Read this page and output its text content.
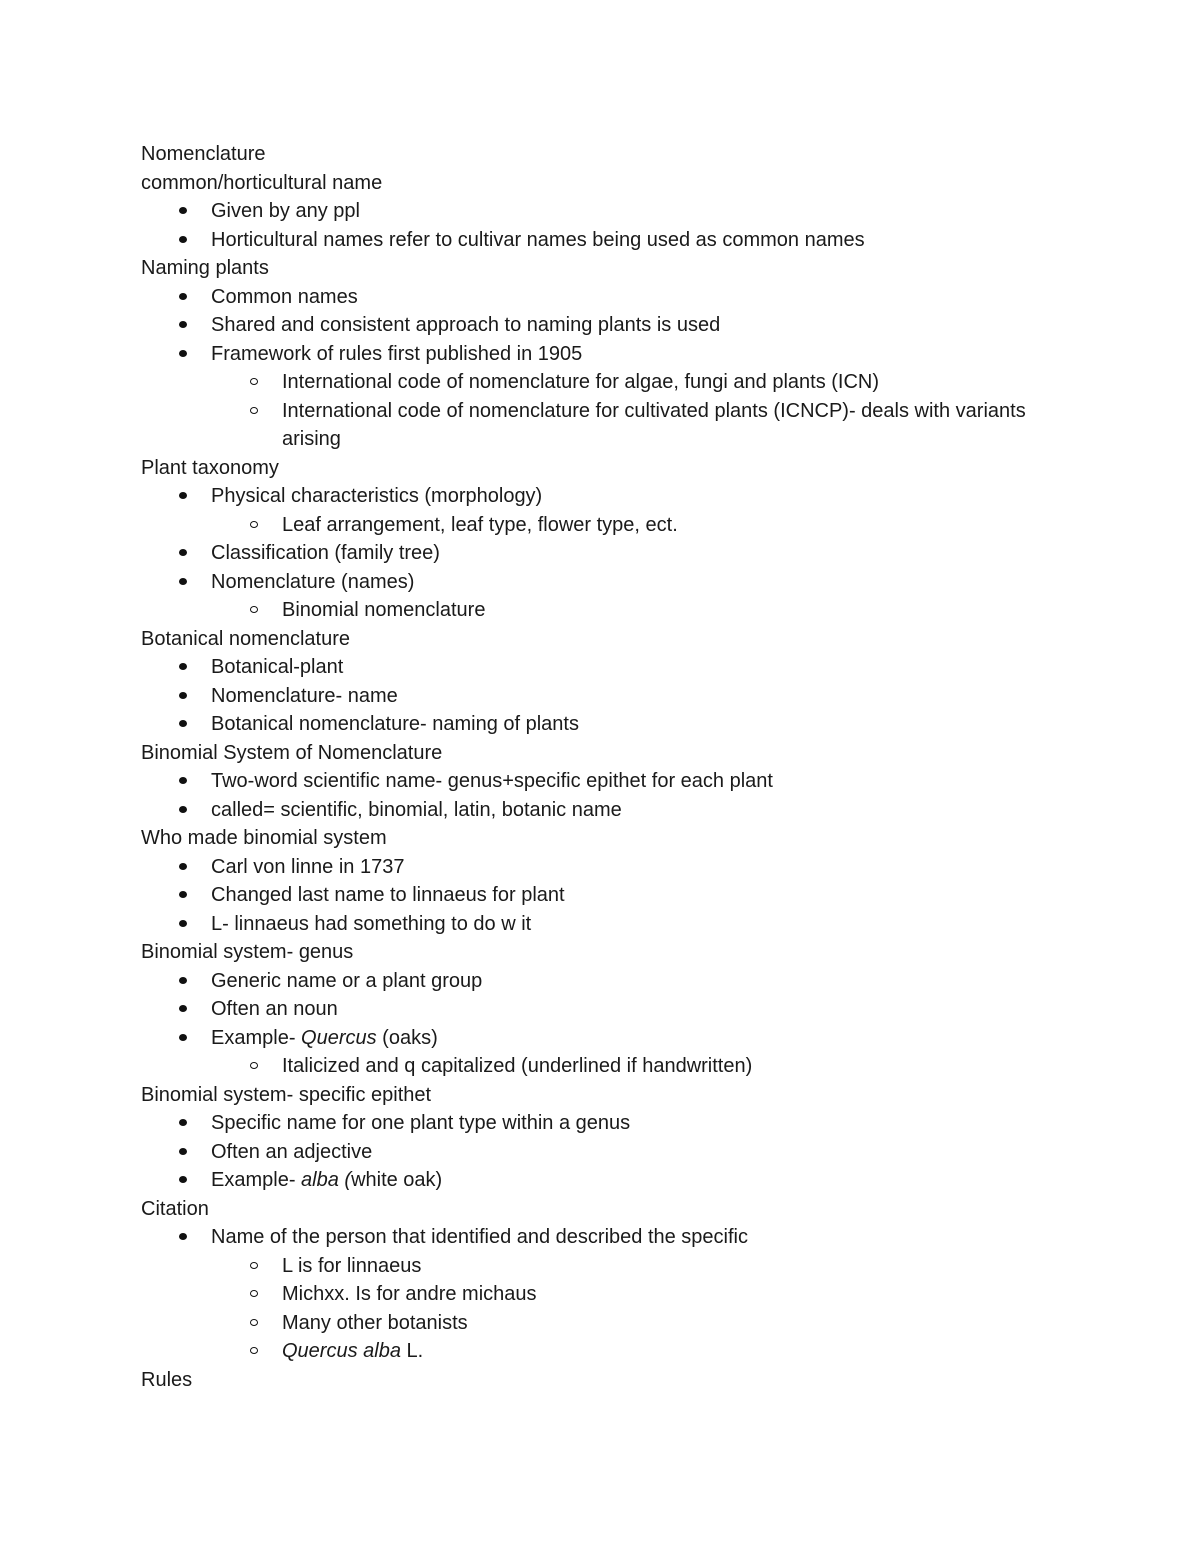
Nomenclature
common/horticultural name
Given by any ppl
Horticultural names refer to cultivar names being used as common names
Naming plants
Common names
Shared and consistent approach to naming plants is used
Framework of rules first published in 1905
International code of nomenclature for algae, fungi and plants (ICN)
International code of nomenclature for cultivated plants (ICNCP)- deals with variants arising
Plant taxonomy
Physical characteristics (morphology)
Leaf arrangement, leaf type, flower type, ect.
Classification (family tree)
Nomenclature (names)
Binomial nomenclature
Botanical nomenclature
Botanical-plant
Nomenclature- name
Botanical nomenclature- naming of plants
Binomial System of Nomenclature
Two-word scientific name- genus+specific epithet for each plant
called= scientific, binomial, latin, botanic name
Who made binomial system
Carl von linne in 1737
Changed last name to linnaeus for plant
L- linnaeus had something to do w it
Binomial system- genus
Generic name or a plant group
Often an noun
Example- Quercus (oaks)
Italicized and q capitalized (underlined if handwritten)
Binomial system- specific epithet
Specific name for one plant type within a genus
Often an adjective
Example- alba (white oak)
Citation
Name of the person that identified and described the specific
L is for linnaeus
Michxx. Is for andre michaus
Many other botanists
Quercus alba L.
Rules
